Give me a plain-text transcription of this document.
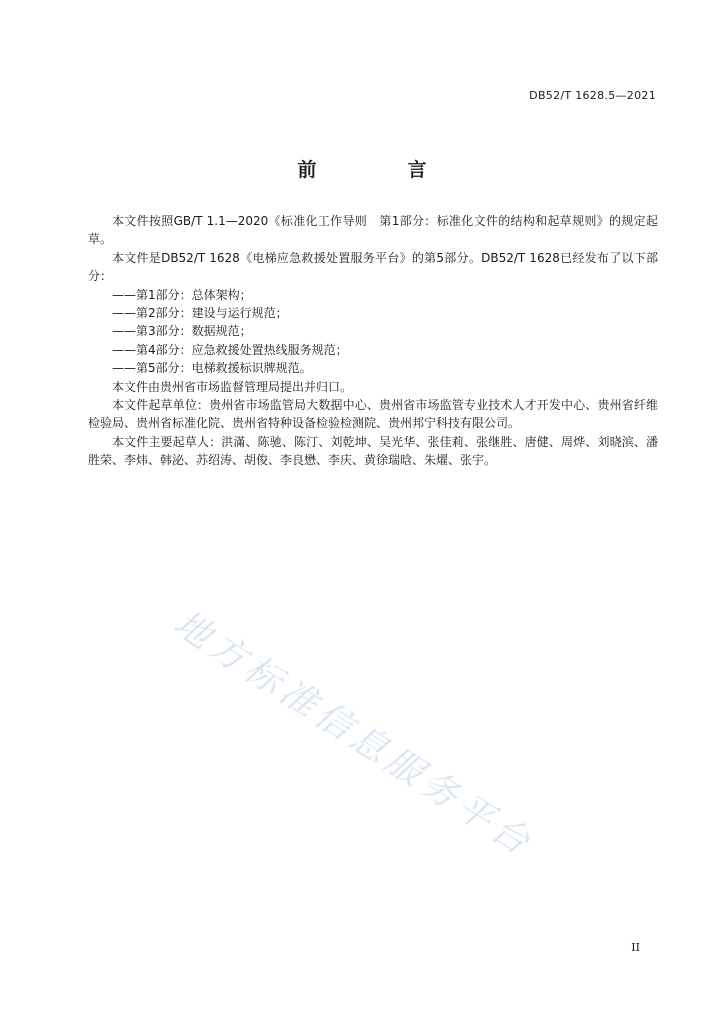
DB52/T 1628.5—2021
前　言

本文件按照GB/T 1.1—2020《标准化工作导则　第1部分：标准化文件的结构和起草规则》的规定起草。

本文件是DB52/T 1628《电梯应急救援处置服务平台》的第5部分。DB52/T 1628已经发布了以下部分：

——第1部分：总体架构；

——第2部分：建设与运行规范；

——第3部分：数据规范；

——第4部分：应急救援处置热线服务规范；

——第5部分：电梯救援标识牌规范。

本文件由贵州省市场监督管理局提出并归口。

本文件起草单位：贵州省市场监管局大数据中心、贵州省市场监管专业技术人才开发中心、贵州省纤维检验局、贵州省标准化院、贵州省特种设备检验检测院、贵州邦宁科技有限公司。

本文件主要起草人：洪滿、陈驰、陈汀、刘乾坤、吴光华、张佳莉、张继胜、唐健、周烨、刘晓滨、潘胜荣、李炜、韩泌、苏绍涛、胡俊、李良懋、李庆、黄徐瑞晗、朱燿、张宇。

地方标准信息服务平台
II
